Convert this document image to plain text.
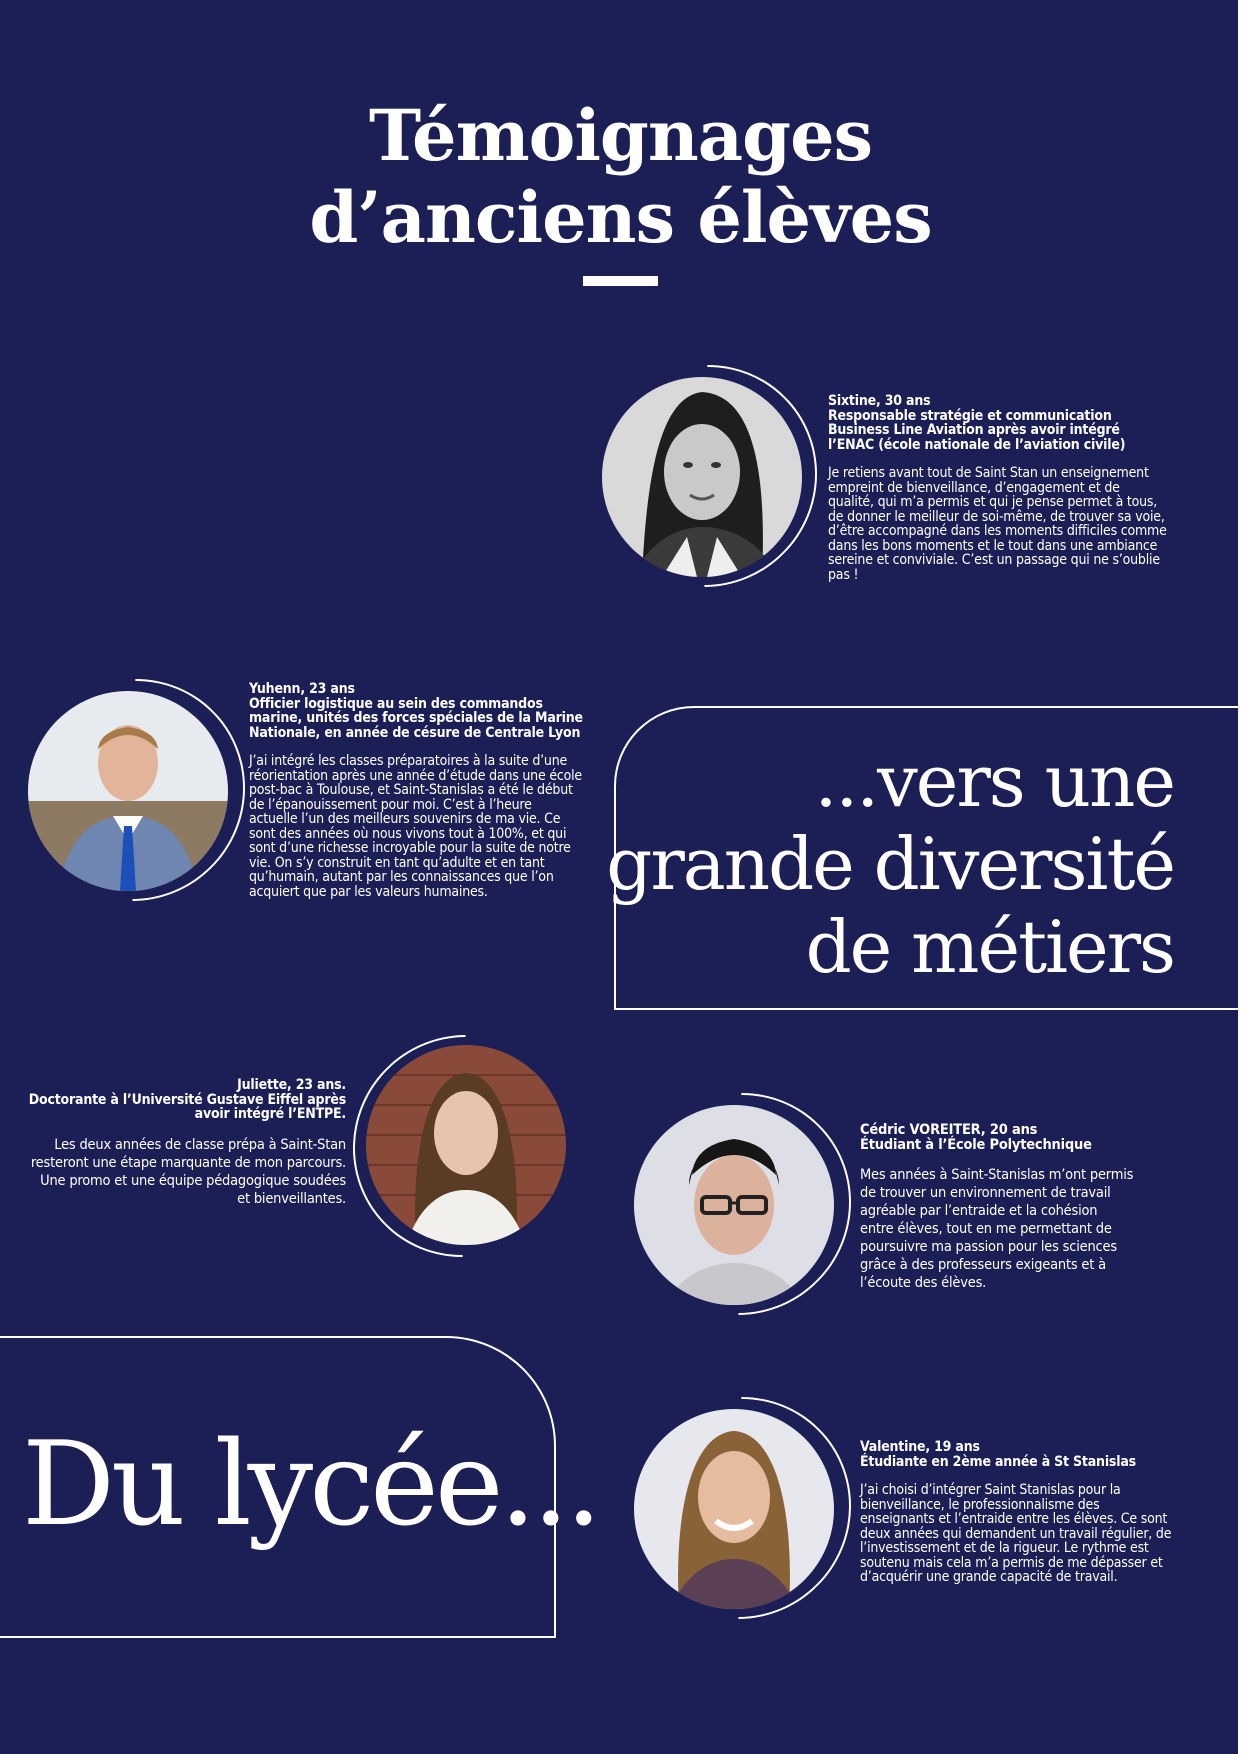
Témoignages
d’anciens élèves
Sixtine, 30 ans
Responsable stratégie et communication Business Line Aviation après avoir intégré l’ENAC (école nationale de l’aviation civile)
Je retiens avant tout de Saint Stan un enseignement empreint de bienveillance, d’engagement et de qualité, qui m’a permis et qui je pense permet à tous, de donner le meilleur de soi-même, de trouver sa voie, d’être accompagné dans les moments difficiles comme dans les bons moments et le tout dans une ambiance sereine et conviviale. C’est un passage qui ne s’oublie pas !
Yuhenn, 23 ans
Officier logistique au sein des commandos marine, unités des forces spéciales de la Marine Nationale, en année de césure de Centrale Lyon
J’ai intégré les classes préparatoires à la suite d’une réorientation après une année d’étude dans une école post-bac à Toulouse, et Saint-Stanislas a été le début de l’épanouissement pour moi. C’est à l’heure actuelle l’un des meilleurs souvenirs de ma vie. Ce sont des années où nous vivons tout à 100%, et qui sont d’une richesse incroyable pour la suite de notre vie. On s’y construit en tant qu’adulte et en tant qu’humain, autant par les connaissances que l’on acquiert que par les valeurs humaines.
...vers une
grande diversité
de métiers
Juliette, 23 ans.
Doctorante à l’Université Gustave Eiffel après
avoir intégré l’ENTPE.
Les deux années de classe prépa à Saint-Stan
resteront une étape marquante de mon parcours.
Une promo et une équipe pédagogique soudées
et bienveillantes.
Cédric VOREITER, 20 ans
Étudiant à l’École Polytechnique
Mes années à Saint-Stanislas m’ont permis
de trouver un environnement de travail
agréable par l’entraide et la cohésion
entre élèves, tout en me permettant de
poursuivre ma passion pour les sciences
grâce à des professeurs exigeants et à
l’écoute des élèves.
Du lycée...	Valentine, 19 ans
Étudiante en 2ème année à St Stanislas
J’ai choisi d’intégrer Saint Stanislas pour la bienveillance, le professionnalisme des enseignants et l’entraide entre les élèves. Ce sont deux années qui demandent un travail régulier, de l’investissement et de la rigueur. Le rythme est soutenu mais cela m’a permis de me dépasser et d’acquérir une grande capacité de travail.
